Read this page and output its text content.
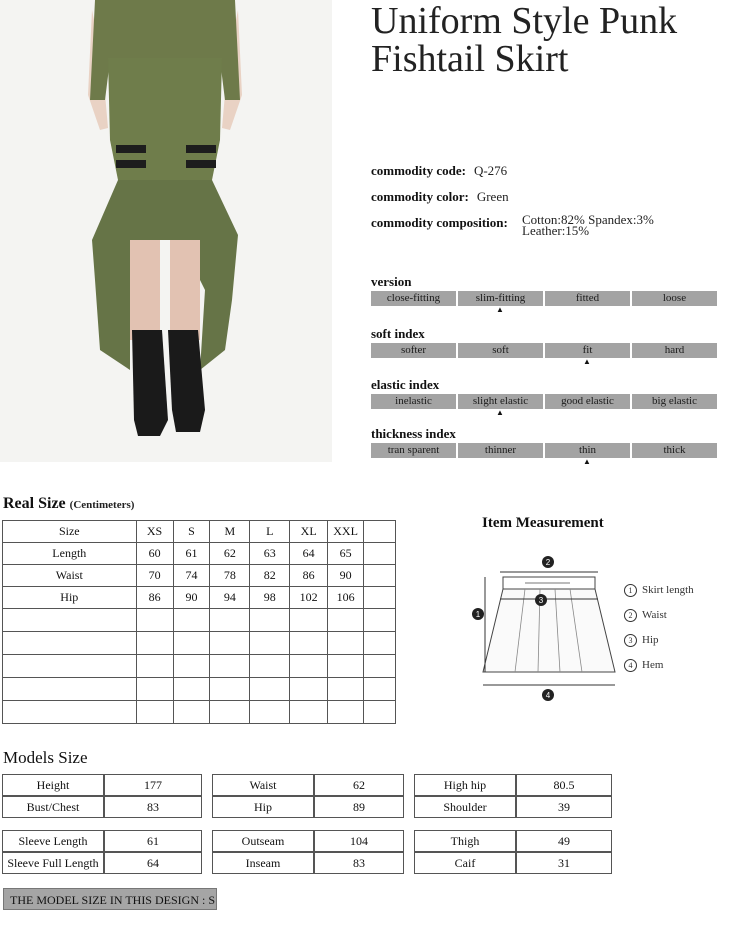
Uniform Style Punk
Fishtail Skirt
commodity code: Q-276
commodity color: Green
commodity composition: Cotton:82% Spandex:3%
Leather:15%
version
close-fitting	slim-fitting	fitted	loose
▲
soft index
softer	soft	fit	hard
▲
elastic index
inelastic	slight elastic	good elastic	big elastic
▲
thickness index
tran sparent	thinner	thin	thick
▲
Real Size (Centimeters)
Size	XS	S	M	L	XL	XXL	
Length	60	61	62	63	64	65	
Waist	70	74	78	82	86	90	
Hip	86	90	94	98	102	106	

Item Measurement
2
3
1
4
1 Skirt length
2 Waist
3 Hip
4 Hem
Models Size
Height	177		Waist	62		High hip	80.5
Bust/Chest	83		Hip	89		Shoulder	39
Sleeve Length	61		Outseam	104		Thigh	49
Sleeve Full Length	64		Inseam	83		Caif	31
THE MODEL SIZE IN THIS DESIGN : S
